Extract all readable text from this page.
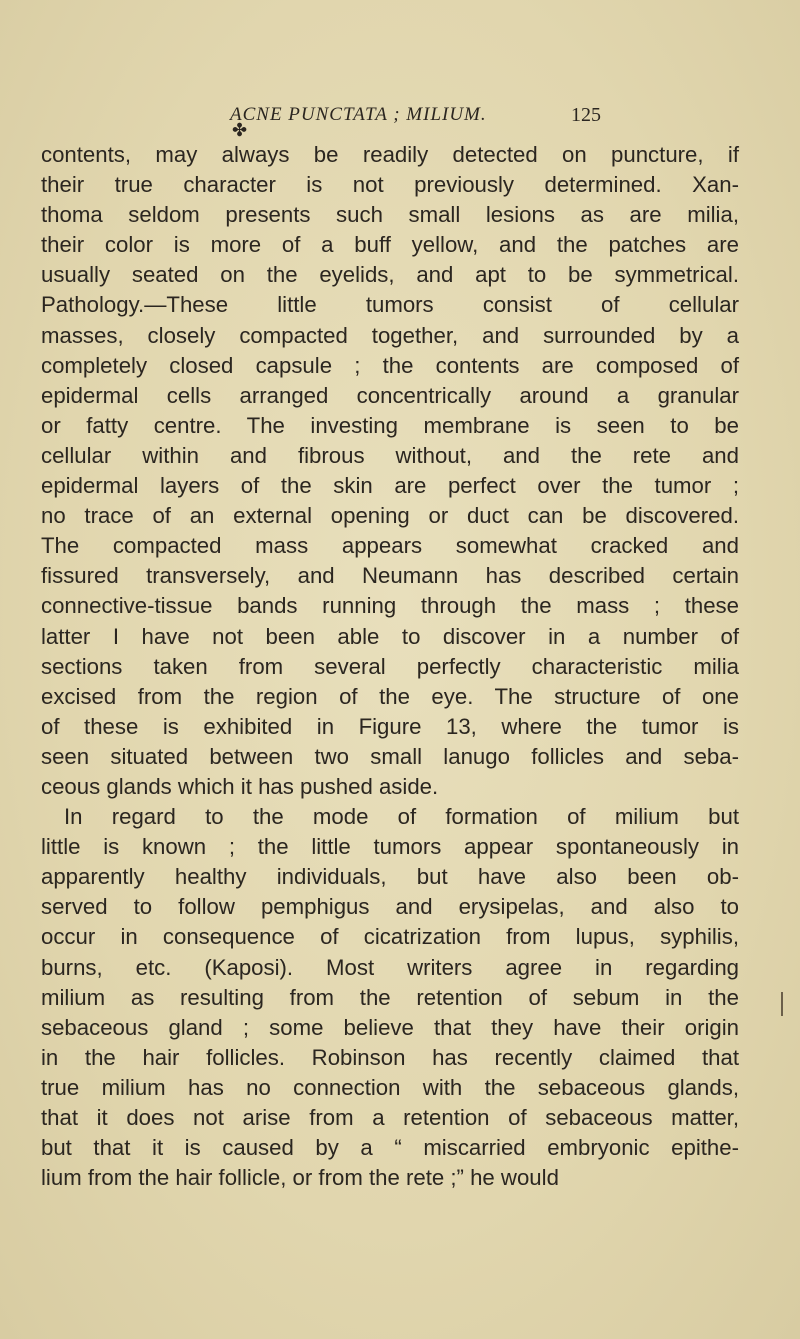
ACNE PUNCTATA ; MILIUM.	125
✤
contents, may always be readily detected on puncture, if
their true character is not previously determined. Xan-
thoma seldom presents such small lesions as are milia,
their color is more of a buff yellow, and the patches are
usually seated on the eyelids, and apt to be symmetrical.
Pathology.—These little tumors consist of cellular
masses, closely compacted together, and surrounded by a
completely closed capsule ; the contents are composed of
epidermal cells arranged concentrically around a granular
or fatty centre. The investing membrane is seen to be
cellular within and fibrous without, and the rete and
epidermal layers of the skin are perfect over the tumor ;
no trace of an external opening or duct can be discovered.
The compacted mass appears somewhat cracked and
fissured transversely, and Neumann has described certain
connective-tissue bands running through the mass ; these
latter I have not been able to discover in a number of
sections taken from several perfectly characteristic milia
excised from the region of the eye. The structure of one
of these is exhibited in Figure 13, where the tumor is
seen situated between two small lanugo follicles and seba-
ceous glands which it has pushed aside.
In regard to the mode of formation of milium but
little is known ; the little tumors appear spontaneously in
apparently healthy individuals, but have also been ob-
served to follow pemphigus and erysipelas, and also to
occur in consequence of cicatrization from lupus, syphilis,
burns, etc. (Kaposi). Most writers agree in regarding
milium as resulting from the retention of sebum in the
sebaceous gland ; some believe that they have their origin
in the hair follicles. Robinson has recently claimed that
true milium has no connection with the sebaceous glands,
that it does not arise from a retention of sebaceous matter,
but that it is caused by a “ miscarried embryonic epithe-
lium from the hair follicle, or from the rete ;” he would
